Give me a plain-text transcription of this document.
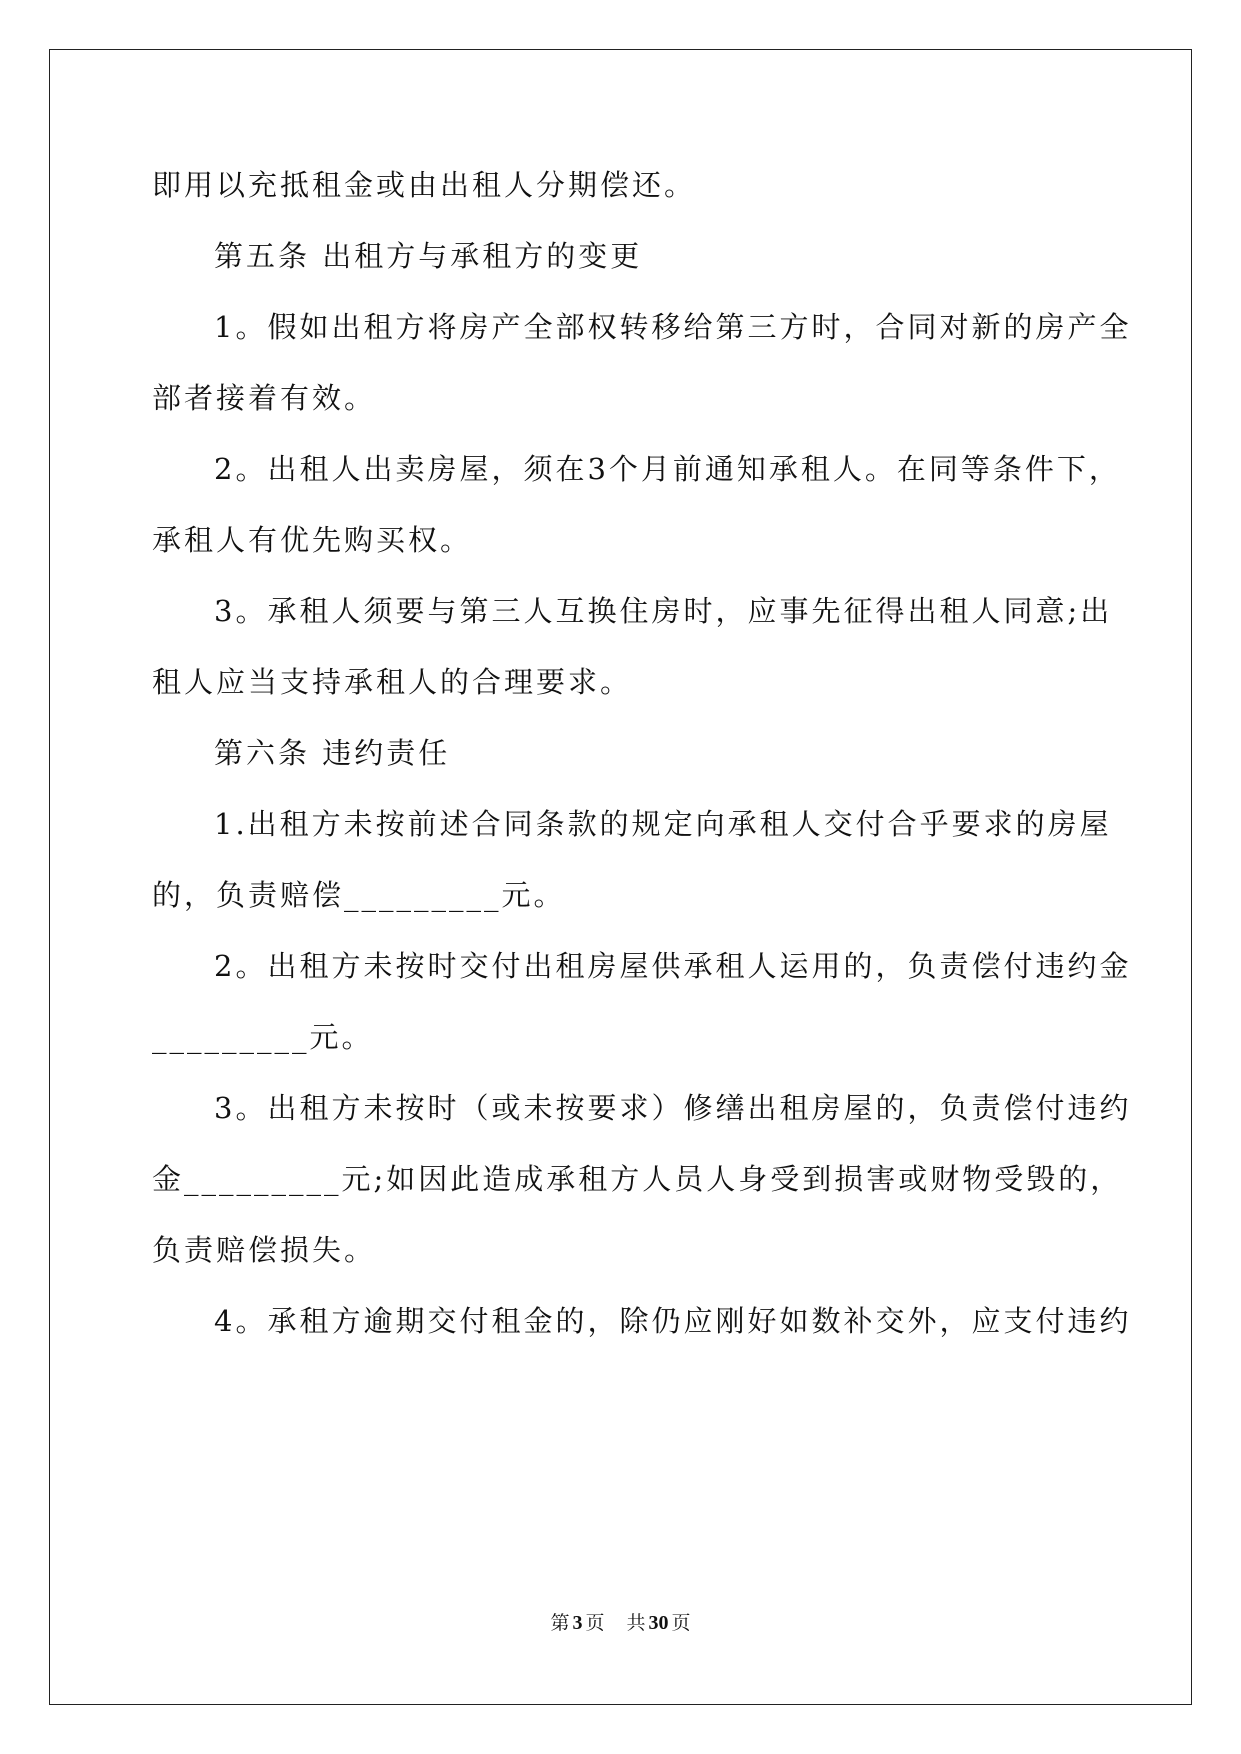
即用以充抵租金或由出租人分期偿还。

第五条 出租方与承租方的变更

1。假如出租方将房产全部权转移给第三方时，合同对新的房产全

部者接着有效。

2。出租人出卖房屋，须在3个月前通知承租人。在同等条件下，

承租人有优先购买权。

3。承租人须要与第三人互换住房时，应事先征得出租人同意;出

租人应当支持承租人的合理要求。

第六条 违约责任

1.出租方未按前述合同条款的规定向承租人交付合乎要求的房屋

的，负责赔偿_________元。

2。出租方未按时交付出租房屋供承租人运用的，负责偿付违约金

_________元。

3。出租方未按时（或未按要求）修缮出租房屋的，负责偿付违约

金_________元;如因此造成承租方人员人身受到损害或财物受毁的，

负责赔偿损失。

4。承租方逾期交付租金的，除仍应刚好如数补交外，应支付违约

第 3 页 共 30 页
